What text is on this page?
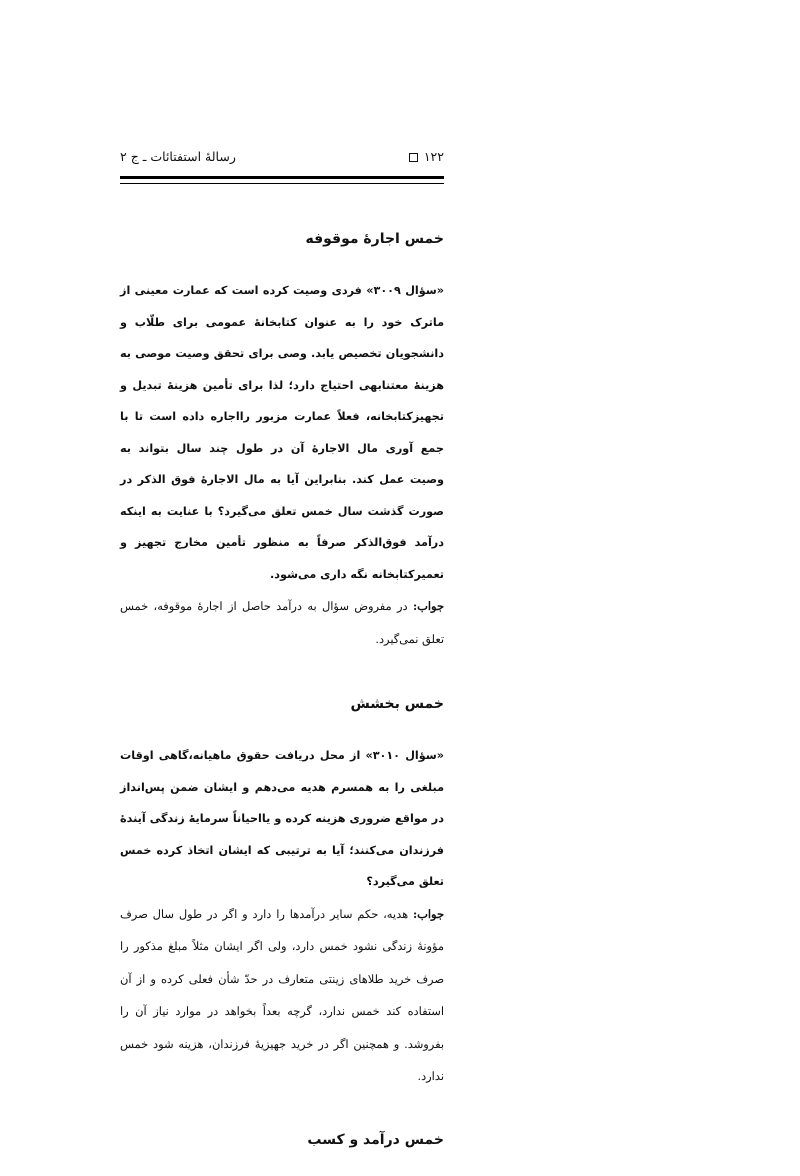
۱۲۲
رسالهٔ استفتائات ـ ج ۲
خمس اجارهٔ موقوفه

«سؤال ۳۰۰۹» فردی وصیت کرده است که عمارت معینی از ماترک خود را به عنوان کتابخانهٔ عمومی برای طلّاب و دانشجویان تخصیص یابد. وصی برای تحقق وصیت موصی به هزینهٔ معتنابهی احتیاج دارد؛ لذا برای تأمین هزینهٔ تبدیل و تجهیزکتابخانه، فعلاً عمارت مزبور رااجاره داده است تا با جمع آوری مال الاجارهٔ آن در طول چند سال بتواند به وصیت عمل کند. بنابراین آیا به مال الاجارهٔ فوق الذکر در صورت گذشت سال خمس تعلق می‌گیرد؟ با عنایت به اینکه درآمد فوق‌الذکر صرفاً به منظور تأمین مخارج تجهیز و تعمیرکتابخانه نگه داری می‌شود.

جواب: در مفروض سؤال به درآمد حاصل از اجارهٔ موقوفه، خمس تعلق نمی‌گیرد.

خمس بخشش

«سؤال ۳۰۱۰» از محل دریافت حقوق ماهیانه،گاهی اوقات مبلغی را به همسرم هدیه می‌دهم و ایشان ضمن پس‌انداز در مواقع ضروری هزینه کرده و یااحیاناً سرمایهٔ زندگی آیندهٔ فرزندان می‌کنند؛ آیا به ترتیبی که ایشان اتخاذ کرده خمس تعلق می‌گیرد؟

جواب: هدیه، حکم سایر درآمدها را دارد و اگر در طول سال صرف مؤونهٔ زندگی نشود خمس دارد، ولی اگر ایشان مثلاً مبلغ مذکور را صرف خرید طلاهای زینتی متعارف در حدّ شأن فعلی کرده و از آن استفاده کند خمس ندارد، گرچه بعداً بخواهد در موارد نیاز آن را بفروشد. و همچنین اگر در خرید جهیزیهٔ فرزندان، هزینه شود خمس ندارد.

خمس درآمد و کسب
